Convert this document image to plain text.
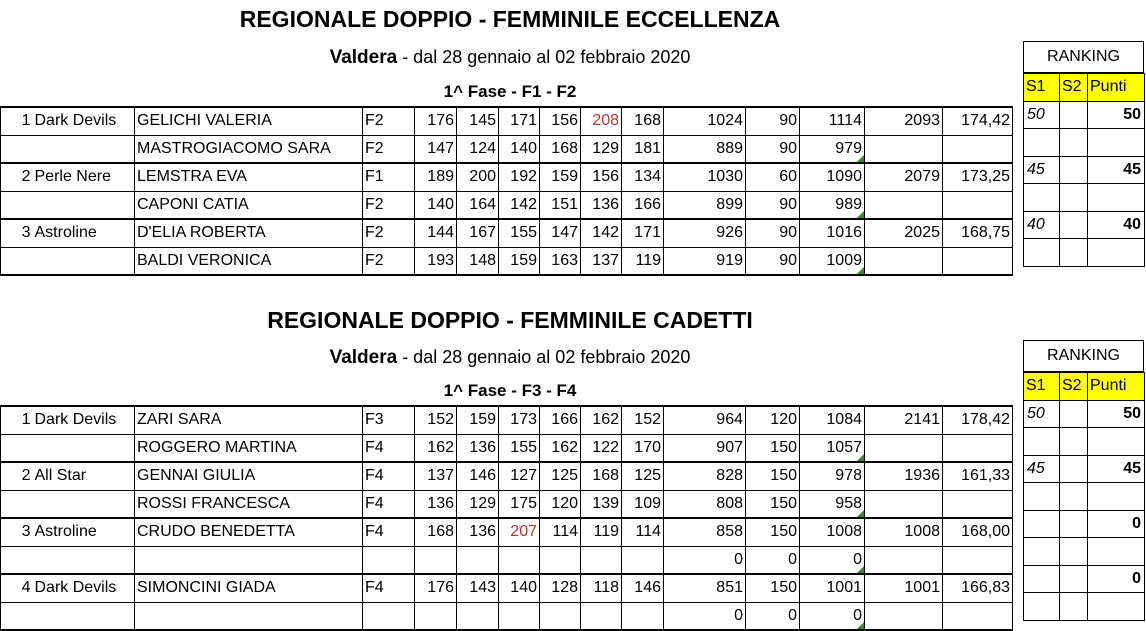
REGIONALE DOPPIO - FEMMINILE ECCELLENZA
Valdera - dal 28 gennaio al 02 febbraio 2020
1^ Fase - F1 - F2
REGIONALE DOPPIO - FEMMINILE CADETTI
Valdera - dal 28 gennaio al 02 febbraio 2020
1^ Fase - F3 - F4
1	Dark Devils	GELICHI VALERIA	F2	176	145	171	156	208	168	1024	90	1114	2093	174,42
		MASTROGIACOMO SARA	F2	147	124	140	168	129	181	889	90	979		
2	Perle Nere	LEMSTRA EVA	F1	189	200	192	159	156	134	1030	60	1090	2079	173,25
		CAPONI CATIA	F2	140	164	142	151	136	166	899	90	989		
3	Astroline	D'ELIA ROBERTA	F2	144	167	155	147	142	171	926	90	1016	2025	168,75
		BALDI VERONICA	F2	193	148	159	163	137	119	919	90	1009		
RANKING
S1	S2	Punti
50		50

45		45

40		40

1	Dark Devils	ZARI SARA	F3	152	159	173	166	162	152	964	120	1084	2141	178,42
		ROGGERO MARTINA	F4	162	136	155	162	122	170	907	150	1057		
2	All Star	GENNAI GIULIA	F4	137	146	127	125	168	125	828	150	978	1936	161,33
		ROSSI FRANCESCA	F4	136	129	175	120	139	109	808	150	958		
3	Astroline	CRUDO BENEDETTA	F4	168	136	207	114	119	114	858	150	1008	1008	168,00
										0	0	0		
4	Dark Devils	SIMONCINI GIADA	F4	176	143	140	128	118	146	851	150	1001	1001	166,83
										0	0	0		
RANKING
S1	S2	Punti
50		50

45		45

		0

		0
